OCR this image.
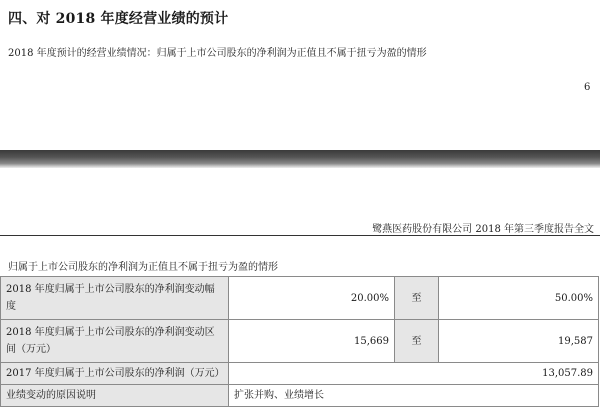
四、对 2018 年度经营业绩的预计
2018 年度预计的经营业绩情况：归属于上市公司股东的净利润为正值且不属于扭亏为盈的情形
6
鹭燕医药股份有限公司 2018 年第三季度报告全文
归属于上市公司股东的净利润为正值且不属于扭亏为盈的情形
2018 年度归属于上市公司股东的净利润变动幅度	20.00%	至	50.00%
2018 年度归属于上市公司股东的净利润变动区间（万元）	15,669	至	19,587
2017 年度归属于上市公司股东的净利润（万元）	13,057.89		
业绩变动的原因说明	扩张并购、业绩增长		
